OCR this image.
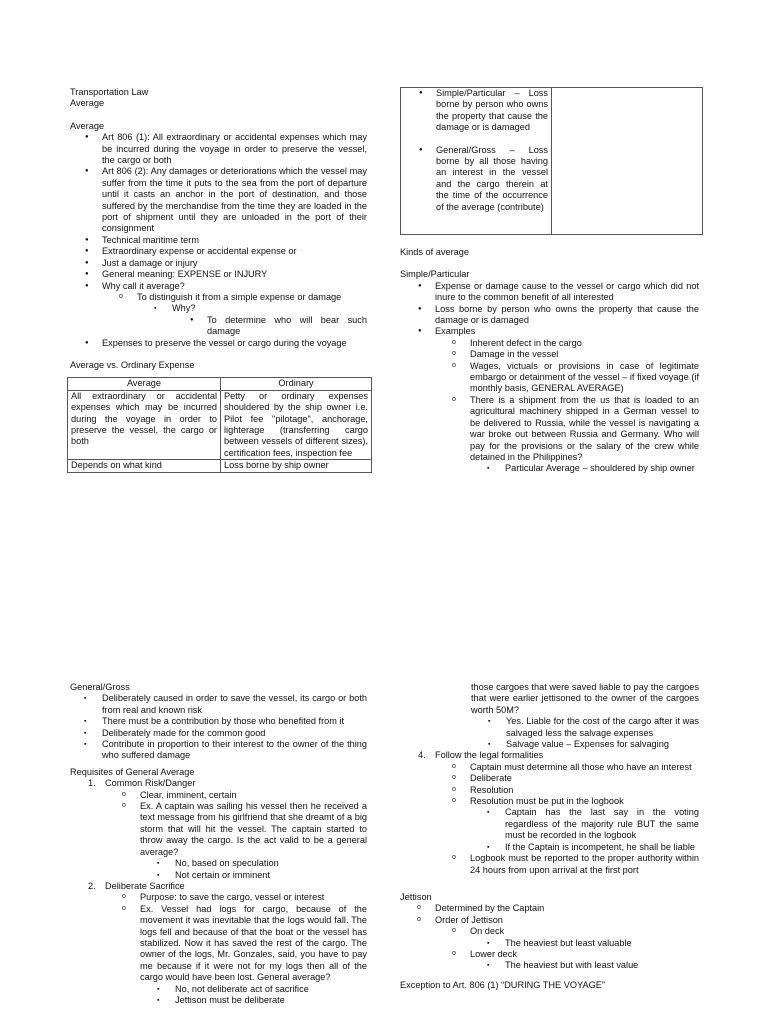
Transportation Law

Average

Average

● Art 806 (1): All extraordinary or accidental expenses which may be incurred during the voyage in order to preserve the vessel, the cargo or both
● Art 806 (2): Any damages or deteriorations which the vessel may suffer from the time it puts to the sea from the port of departure until it casts an anchor in the port of destination, and those suffered by the merchandise from the time they are loaded in the port of shipment until they are unloaded in the port of their consignment
● Technical maritime term
● Extraordinary expense or accidental expense or
● Just a damage or injury
● General meaning: EXPENSE or INJURY
● Why call it average?
o To distinguish it from a simple expense or damage
▪ Why?
● To determine who will bear such damage
● Expenses to preserve the vessel or cargo during the voyage

Average vs. Ordinary Expense

Average	Ordinary
All extraordinary or accidental expenses which may be incurred during the voyage in order to preserve the vessel, the cargo or both	Petty or ordinary expenses shouldered by the ship owner i.e. Pilot fee "pilotage", anchorage, lighterage (transferring cargo between vessels of different sizes), certification fees, inspection fee
Depends on what kind	Loss borne by ship owner
● Simple/Particular – Loss borne by person who owns the property that cause the damage or is damaged
● General/Gross – Loss borne by all those having an interest in the vessel and the cargo therein at the time of the occurrence of the average (contribute)

Kinds of average

Simple/Particular

● Expense or damage cause to the vessel or cargo which did not inure to the common benefit of all interested
● Loss borne by person who owns the property that cause the damage or is damaged
● Examples
o Inherent defect in the cargo
o Damage in the vessel
o Wages, victuals or provisions in case of legitimate embargo or detainment of the vessel – if fixed voyage (if monthly basis, GENERAL AVERAGE)
o There is a shipment from the us that is loaded to an agricultural machinery shipped in a German vessel to be delivered to Russia, while the vessel is navigating a war broke out between Russia and Germany. Who will pay for the provisions or the salary of the crew while detained in the Philippines?
▪ Particular Average – shouldered by ship owner

General/Gross

▪ Deliberately caused in order to save the vessel, its cargo or both from real and known risk
▪ There must be a contribution by those who benefited from it
▪ Deliberately made for the common good
▪ Contribute in proportion to their interest to the owner of the thing who suffered damage

Requisites of General Average

1. Common Risk/Danger
o Clear, imminent, certain
o Ex. A captain was sailing his vessel then he received a text message from his girlfriend that she dreamt of a big storm that will hit the vessel. The captain started to throw away the cargo. Is the act valid to be a general average?
▪ No, based on speculation
▪ Not certain or imminent
2. Deliberate Sacrifice
o Purpose: to save the cargo, vessel or interest
o Ex. Vessel had logs for cargo, because of the movement it was inevitable that the logs would fall. The logs fell and because of that the boat or the vessel has stabilized. Now it has saved the rest of the cargo. The owner of the logs, Mr. Gonzales, said, you have to pay me because if it were not for my logs then all of the cargo would have been lost. General average?
▪ No, not deliberate act of sacrifice
▪ Jettison must be deliberate
those cargoes that were saved liable to pay the cargoes that were earlier jettisoned to the owner of the cargoes worth 50M?
▪ Yes. Liable for the cost of the cargo after it was salvaged less the salvage expenses
▪ Salvage value – Expenses for salvaging
4. Follow the legal formalities
o Captain must determine all those who have an interest
o Deliberate
o Resolution
o Resolution must be put in the logbook
▪ Captain has the last say in the voting regardless of the majority rule BUT the same must be recorded in the logbook
▪ If the Captain is incompetent, he shall be liable
o Logbook must be reported to the proper authority within 24 hours from upon arrival at the first port

Jettison

o Determined by the Captain
o Order of Jettison
o On deck
▪ The heaviest but least valuable
o Lower deck
▪ The heaviest but with least value

Exception to Art. 806 (1) “DURING THE VOYAGE”
